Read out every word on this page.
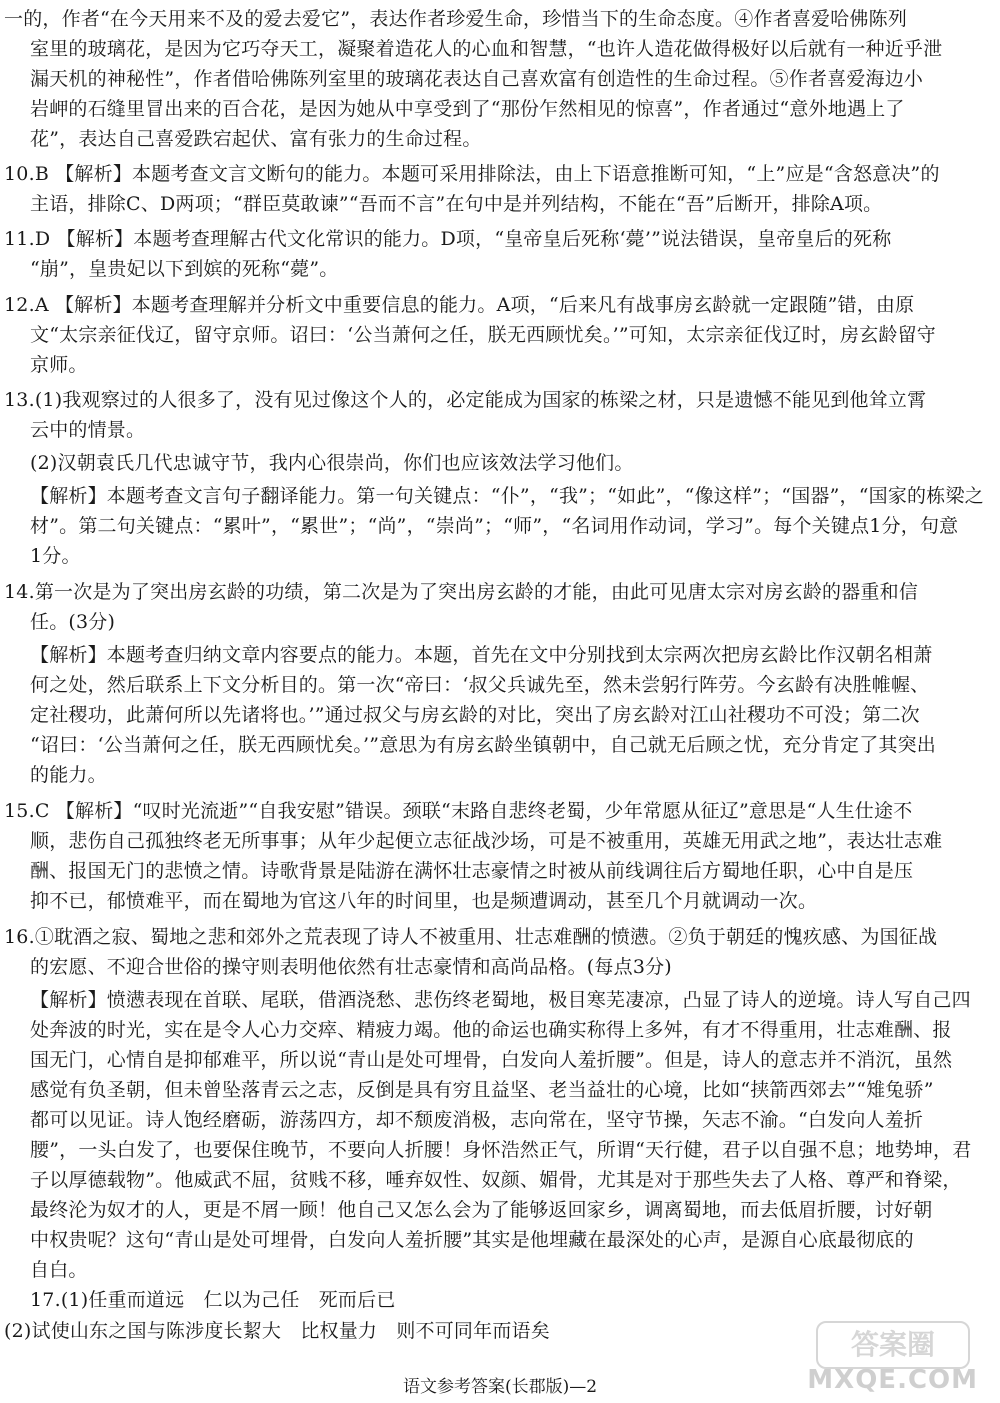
一的，作者“在今天用来不及的爱去爱它”，表达作者珍爱生命，珍惜当下的生命态度。④作者喜爱哈佛陈列
室里的玻璃花，是因为它巧夺天工，凝聚着造花人的心血和智慧，“也许人造花做得极好以后就有一种近乎泄
漏天机的神秘性”，作者借哈佛陈列室里的玻璃花表达自己喜欢富有创造性的生命过程。⑤作者喜爱海边小
岩岬的石缝里冒出来的百合花，是因为她从中享受到了“那份乍然相见的惊喜”，作者通过“意外地遇上了
花”，表达自己喜爱跌宕起伏、富有张力的生命过程。
10.B 【解析】本题考查文言文断句的能力。本题可采用排除法，由上下语意推断可知，“上”应是“含怒意决”的
主语，排除C、D两项；“群臣莫敢谏”“吾而不言”在句中是并列结构，不能在“吾”后断开，排除A项。
11.D 【解析】本题考查理解古代文化常识的能力。D项，“皇帝皇后死称‘薨’”说法错误，皇帝皇后的死称
“崩”，皇贵妃以下到嫔的死称“薨”。
12.A 【解析】本题考查理解并分析文中重要信息的能力。A项，“后来凡有战事房玄龄就一定跟随”错，由原
文“太宗亲征伐辽，留守京师。诏曰：‘公当萧何之任，朕无西顾忧矣。’”可知，太宗亲征伐辽时，房玄龄留守
京师。
13.(1)我观察过的人很多了，没有见过像这个人的，必定能成为国家的栋梁之材，只是遗憾不能见到他耸立霄
云中的情景。
(2)汉朝袁氏几代忠诚守节，我内心很崇尚，你们也应该效法学习他们。
【解析】本题考查文言句子翻译能力。第一句关键点：“仆”，“我”；“如此”，“像这样”；“国器”，“国家的栋梁之
材”。第二句关键点：“累叶”，“累世”；“尚”，“崇尚”；“师”，“名词用作动词，学习”。每个关键点1分，句意
1分。
14.第一次是为了突出房玄龄的功绩，第二次是为了突出房玄龄的才能，由此可见唐太宗对房玄龄的器重和信
任。(3分)
【解析】本题考查归纳文章内容要点的能力。本题，首先在文中分别找到太宗两次把房玄龄比作汉朝名相萧
何之处，然后联系上下文分析目的。第一次“帝曰：‘叔父兵诚先至，然未尝躬行阵劳。今玄龄有决胜帷幄、
定社稷功，此萧何所以先诸将也。’”通过叔父与房玄龄的对比，突出了房玄龄对江山社稷功不可没；第二次
“诏曰：‘公当萧何之任，朕无西顾忧矣。’”意思为有房玄龄坐镇朝中，自己就无后顾之忧，充分肯定了其突出
的能力。
15.C 【解析】“叹时光流逝”“自我安慰”错误。颈联“末路自悲终老蜀，少年常愿从征辽”意思是“人生仕途不
顺，悲伤自己孤独终老无所事事；从年少起便立志征战沙场，可是不被重用，英雄无用武之地”，表达壮志难
酬、报国无门的悲愤之情。诗歌背景是陆游在满怀壮志豪情之时被从前线调往后方蜀地任职，心中自是压
抑不已，郁愤难平，而在蜀地为官这八年的时间里，也是频遭调动，甚至几个月就调动一次。
16.①耽酒之寂、蜀地之悲和郊外之荒表现了诗人不被重用、壮志难酬的愤懑。②负于朝廷的愧疚感、为国征战
的宏愿、不迎合世俗的操守则表明他依然有壮志豪情和高尚品格。(每点3分)
【解析】愤懑表现在首联、尾联，借酒浇愁、悲伤终老蜀地，极目寒芜凄凉，凸显了诗人的逆境。诗人写自己四
处奔波的时光，实在是令人心力交瘁、精疲力竭。他的命运也确实称得上多舛，有才不得重用，壮志难酬、报
国无门，心情自是抑郁难平，所以说“青山是处可埋骨，白发向人羞折腰”。但是，诗人的意志并不消沉，虽然
感觉有负圣朝，但未曾坠落青云之志，反倒是具有穷且益坚、老当益壮的心境，比如“挟箭西郊去”“雉兔骄”
都可以见证。诗人饱经磨砺，游荡四方，却不颓废消极，志向常在，坚守节操，矢志不渝。“白发向人羞折
腰”，一头白发了，也要保住晚节，不要向人折腰！身怀浩然正气，所谓“天行健，君子以自强不息；地势坤，君
子以厚德载物”。他威武不屈，贫贱不移，唾弃奴性、奴颜、媚骨，尤其是对于那些失去了人格、尊严和脊梁，
最终沦为奴才的人，更是不屑一顾！他自己又怎么会为了能够返回家乡，调离蜀地，而去低眉折腰，讨好朝
中权贵呢？这句“青山是处可埋骨，白发向人羞折腰”其实是他埋藏在最深处的心声，是源自心底最彻底的
自白。
17.(1)任重而道远　仁以为己任　死而后已
(2)试使山东之国与陈涉度长絜大　比权量力　则不可同年而语矣
语文参考答案(长郡版)—2
答案圈
MXQE.COM
